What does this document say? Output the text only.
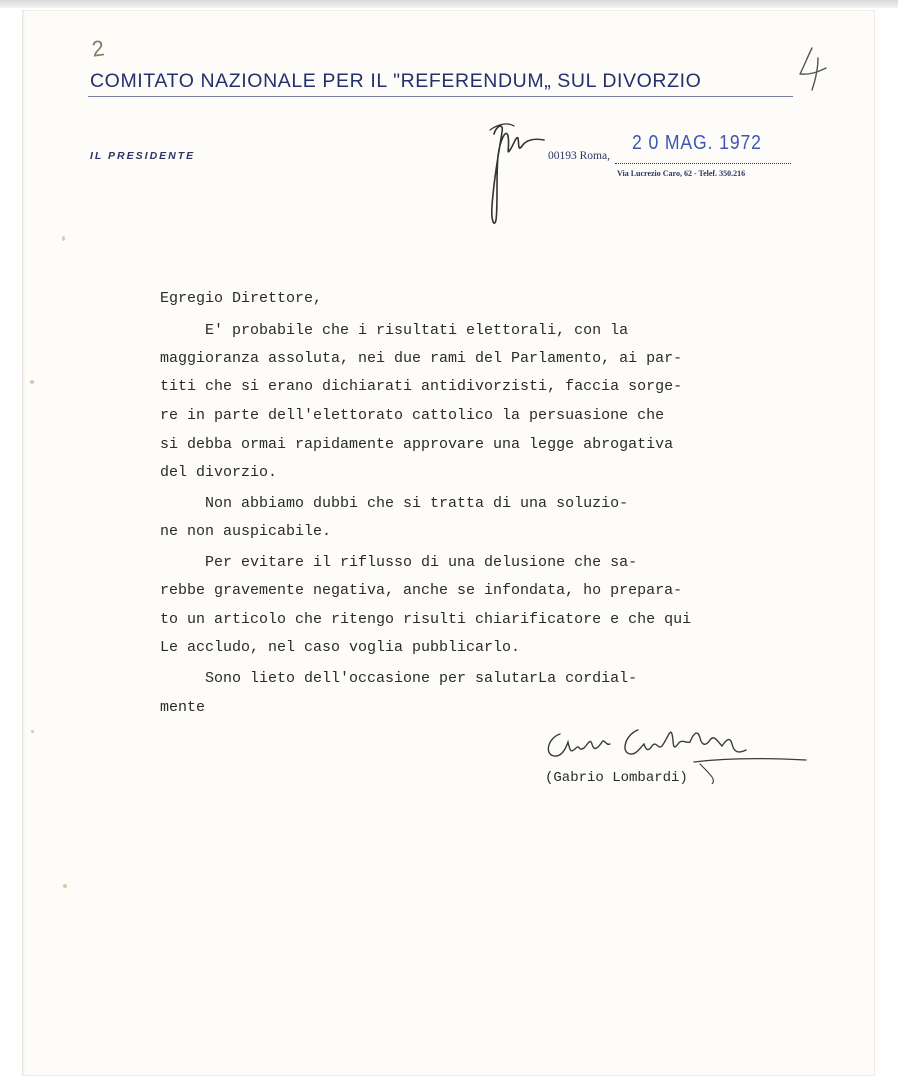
2
COMITATO NAZIONALE PER IL "REFERENDUM„ SUL DIVORZIO
IL PRESIDENTE	00193 Roma,
2 0 MAG. 1972
Via Lucrezio Caro, 62 - Telef. 350.216
Egregio Direttore,
E' probabile che i risultati elettorali, con la
maggioranza assoluta, nei due rami del Parlamento, ai par-
titi che si erano dichiarati antidivorzisti, faccia sorge-
re in parte dell'elettorato cattolico la persuasione che
si debba ormai rapidamente approvare una legge abrogativa
del divorzio.
Non abbiamo dubbi che si tratta di una soluzio-
ne non auspicabile.
Per evitare il riflusso di una delusione che sa-
rebbe gravemente negativa, anche se infondata, ho prepara-
to un articolo che ritengo risulti chiarificatore e che qui
Le accludo, nel caso voglia pubblicarlo.
Sono lieto dell'occasione per salutarLa cordial-
mente
(Gabrio Lombardi)
